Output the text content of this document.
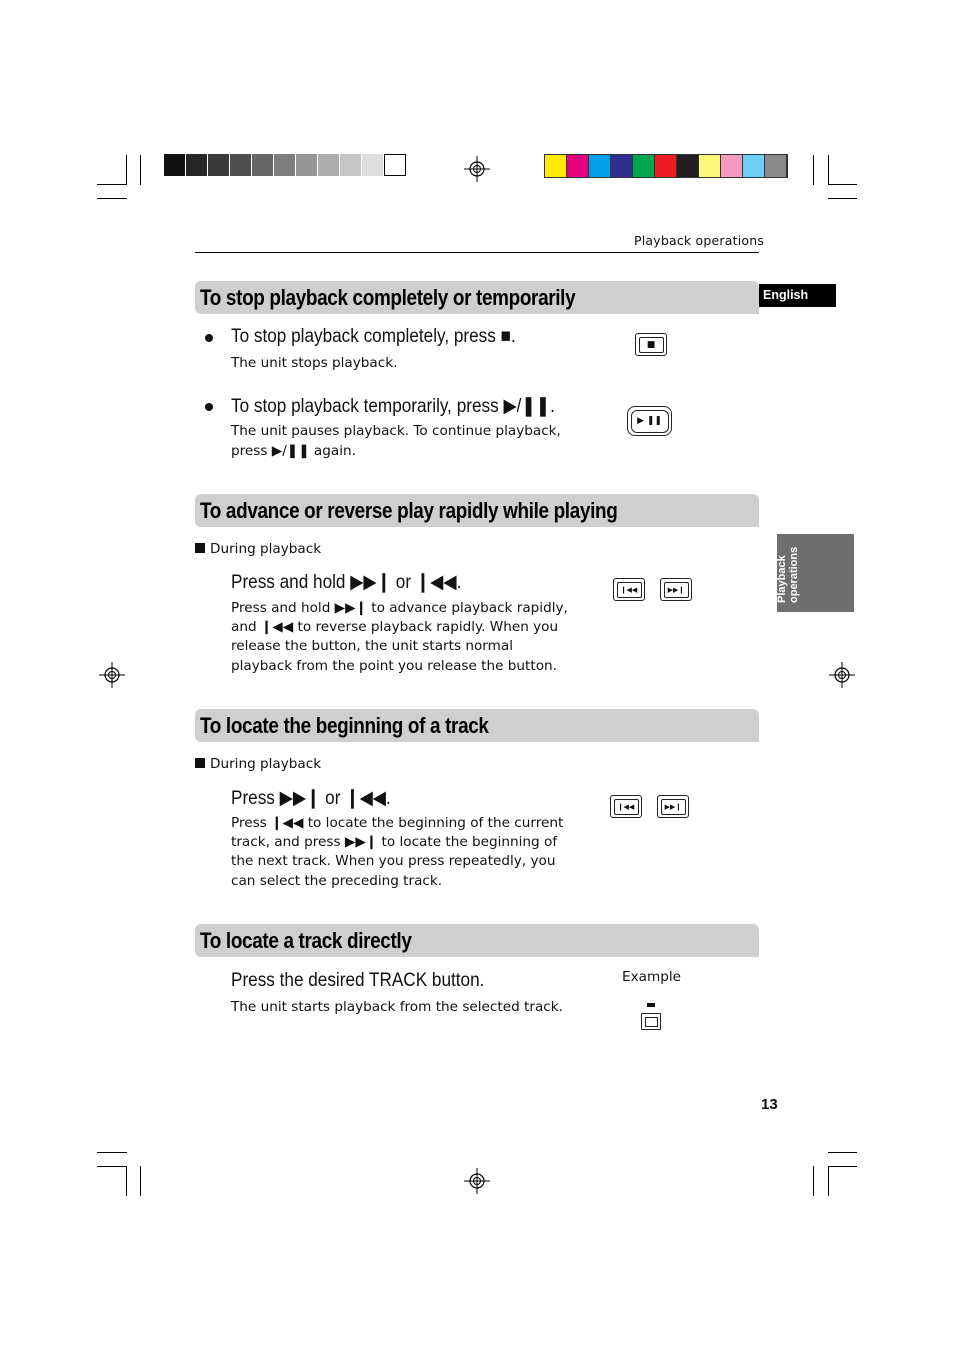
Playback operations
English
Playback operations
To stop playback completely or temporarily
To stop playback completely, press ■.
The unit stops playback.
■
To stop playback temporarily, press ▶/❚❚.
The unit pauses playback. To continue playback,
press ▶/❚❚ again.
▶ ❚❚
To advance or reverse play rapidly while playing
During playback
Press and hold ▶▶❙ or ❙◀◀.
Press and hold ▶▶❙ to advance playback rapidly,
and ❙◀◀ to reverse playback rapidly. When you
release the button, the unit starts normal
playback from the point you release the button.
❙◀◀	▶▶❙
To locate the beginning of a track
During playback
Press ▶▶❙ or ❙◀◀.
Press ❙◀◀ to locate the beginning of the current
track, and press ▶▶❙ to locate the beginning of
the next track. When you press repeatedly, you
can select the preceding track.
❙◀◀	▶▶❙
To locate a track directly
Press the desired TRACK button.
The unit starts playback from the selected track.
Example
13
